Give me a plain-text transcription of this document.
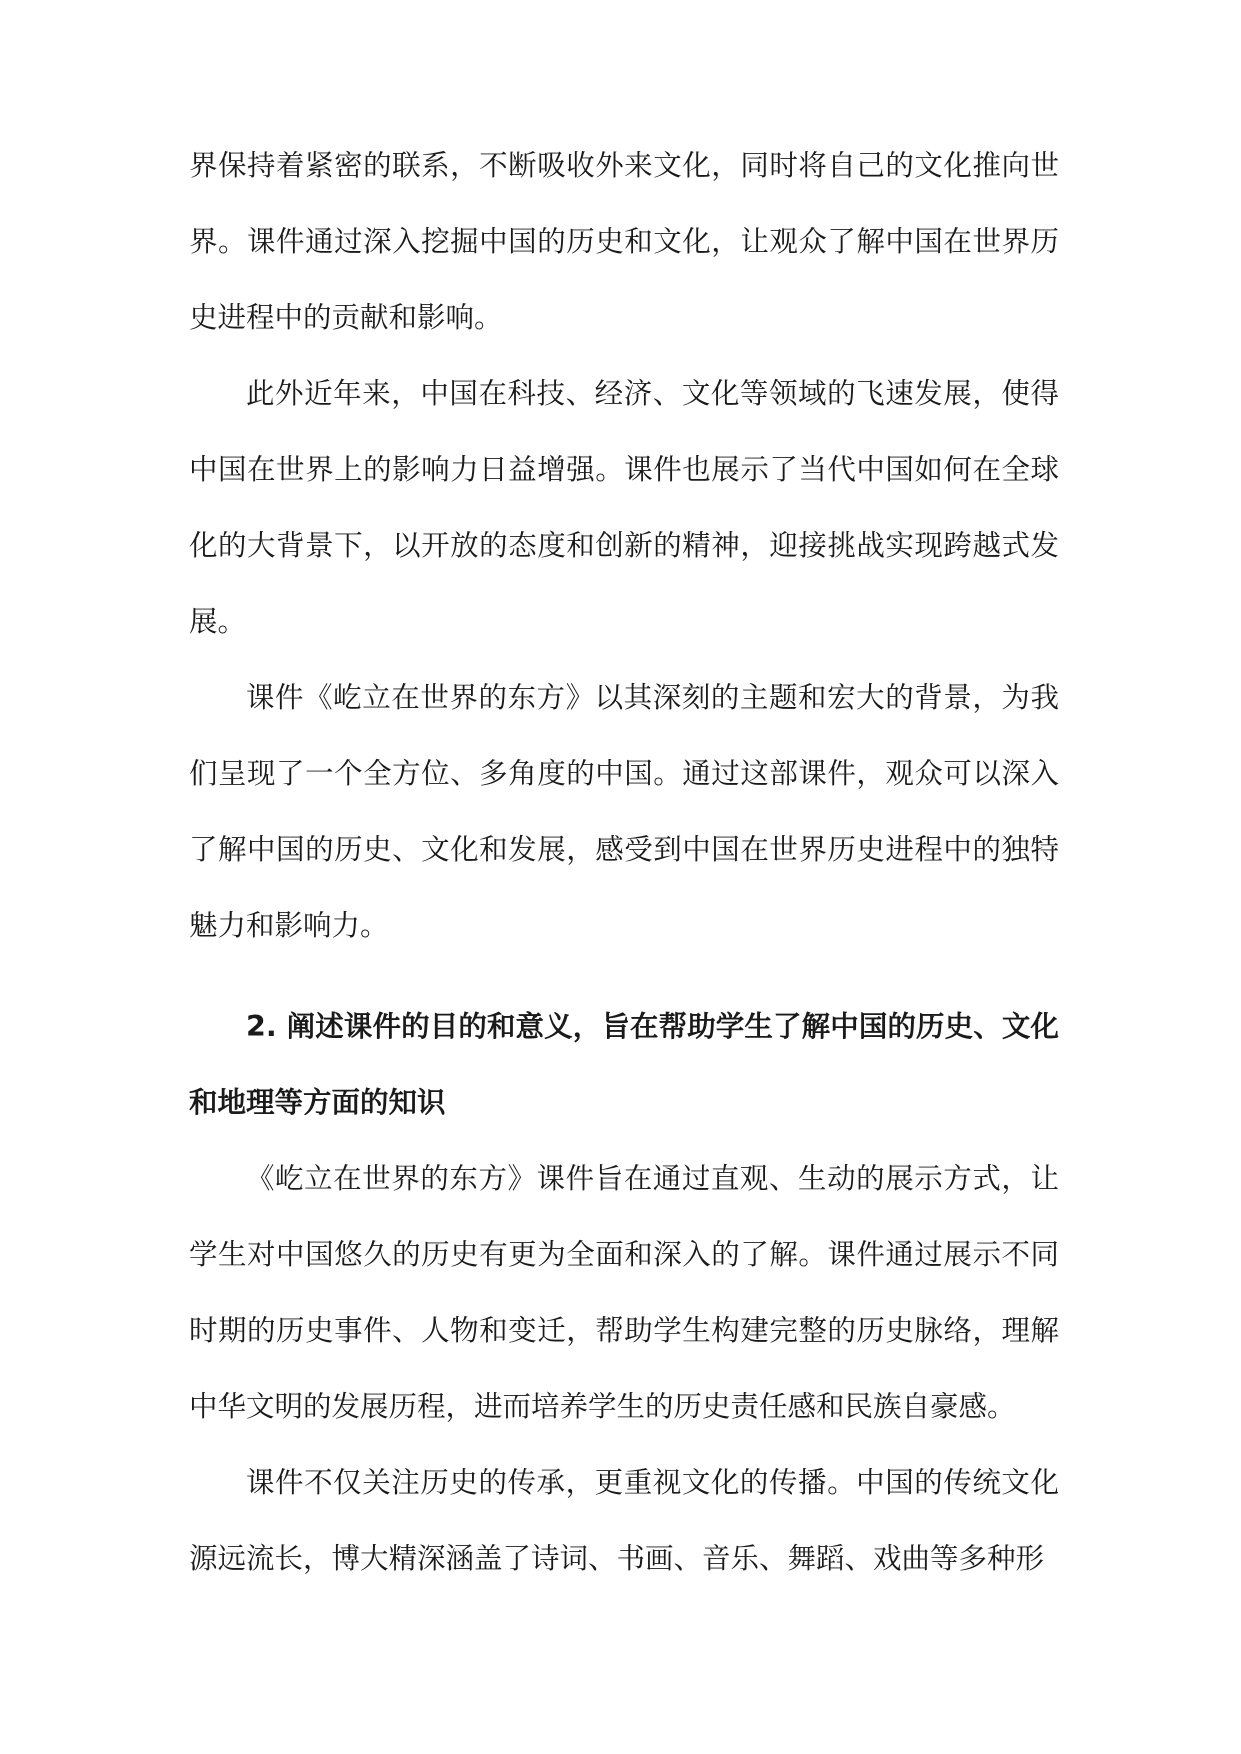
界保持着紧密的联系，不断吸收外来文化，同时将自己的文化推向世界。课件通过深入挖掘中国的历史和文化，让观众了解中国在世界历史进程中的贡献和影响。

此外近年来，中国在科技、经济、文化等领域的飞速发展，使得中国在世界上的影响力日益增强。课件也展示了当代中国如何在全球化的大背景下，以开放的态度和创新的精神，迎接挑战实现跨越式发展。

课件《屹立在世界的东方》以其深刻的主题和宏大的背景，为我们呈现了一个全方位、多角度的中国。通过这部课件，观众可以深入了解中国的历史、文化和发展，感受到中国在世界历史进程中的独特魅力和影响力。

2. 阐述课件的目的和意义，旨在帮助学生了解中国的历史、文化和地理等方面的知识

《屹立在世界的东方》课件旨在通过直观、生动的展示方式，让学生对中国悠久的历史有更为全面和深入的了解。课件通过展示不同时期的历史事件、人物和变迁，帮助学生构建完整的历史脉络，理解中华文明的发展历程，进而培养学生的历史责任感和民族自豪感。

课件不仅关注历史的传承，更重视文化的传播。中国的传统文化源远流长，博大精深涵盖了诗词、书画、音乐、舞蹈、戏曲等多种形
